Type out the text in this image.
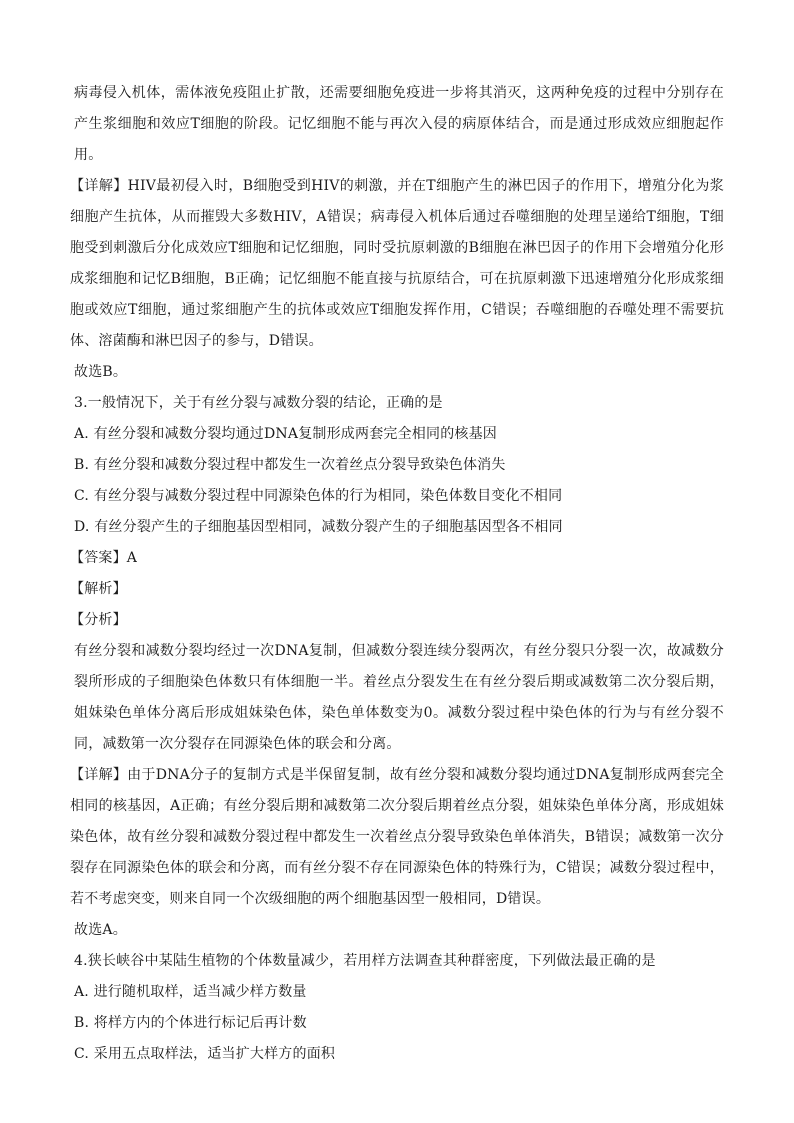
病毒侵入机体，需体液免疫阻止扩散，还需要细胞免疫进一步将其消灭，这两种免疫的过程中分别存在产生浆细胞和效应T细胞的阶段。记忆细胞不能与再次入侵的病原体结合，而是通过形成效应细胞起作用。

【详解】HIV最初侵入时，B细胞受到HIV的刺激，并在T细胞产生的淋巴因子的作用下，增殖分化为浆细胞产生抗体，从而摧毁大多数HIV，A错误；病毒侵入机体后通过吞噬细胞的处理呈递给T细胞，T细胞受到刺激后分化成效应T细胞和记忆细胞，同时受抗原刺激的B细胞在淋巴因子的作用下会增殖分化形成浆细胞和记忆B细胞，B正确；记忆细胞不能直接与抗原结合，可在抗原刺激下迅速增殖分化形成浆细胞或效应T细胞，通过浆细胞产生的抗体或效应T细胞发挥作用，C错误；吞噬细胞的吞噬处理不需要抗体、溶菌酶和淋巴因子的参与，D错误。

故选B。

3.一般情况下，关于有丝分裂与减数分裂的结论，正确的是

A. 有丝分裂和减数分裂均通过DNA复制形成两套完全相同的核基因

B. 有丝分裂和减数分裂过程中都发生一次着丝点分裂导致染色体消失

C. 有丝分裂与减数分裂过程中同源染色体的行为相同，染色体数目变化不相同

D. 有丝分裂产生的子细胞基因型相同，减数分裂产生的子细胞基因型各不相同

【答案】A

【解析】

【分析】

有丝分裂和减数分裂均经过一次DNA复制，但减数分裂连续分裂两次，有丝分裂只分裂一次，故减数分裂所形成的子细胞染色体数只有体细胞一半。着丝点分裂发生在有丝分裂后期或减数第二次分裂后期，姐妹染色单体分离后形成姐妹染色体，染色单体数变为0。减数分裂过程中染色体的行为与有丝分裂不同，减数第一次分裂存在同源染色体的联会和分离。

【详解】由于DNA分子的复制方式是半保留复制，故有丝分裂和减数分裂均通过DNA复制形成两套完全相同的核基因，A正确；有丝分裂后期和减数第二次分裂后期着丝点分裂，姐妹染色单体分离，形成姐妹染色体，故有丝分裂和减数分裂过程中都发生一次着丝点分裂导致染色单体消失，B错误；减数第一次分裂存在同源染色体的联会和分离，而有丝分裂不存在同源染色体的特殊行为，C错误；减数分裂过程中，若不考虑突变，则来自同一个次级细胞的两个细胞基因型一般相同，D错误。

故选A。

4.狭长峡谷中某陆生植物的个体数量减少，若用样方法调查其种群密度，下列做法最正确的是

A. 进行随机取样，适当减少样方数量

B. 将样方内的个体进行标记后再计数

C. 采用五点取样法，适当扩大样方的面积
